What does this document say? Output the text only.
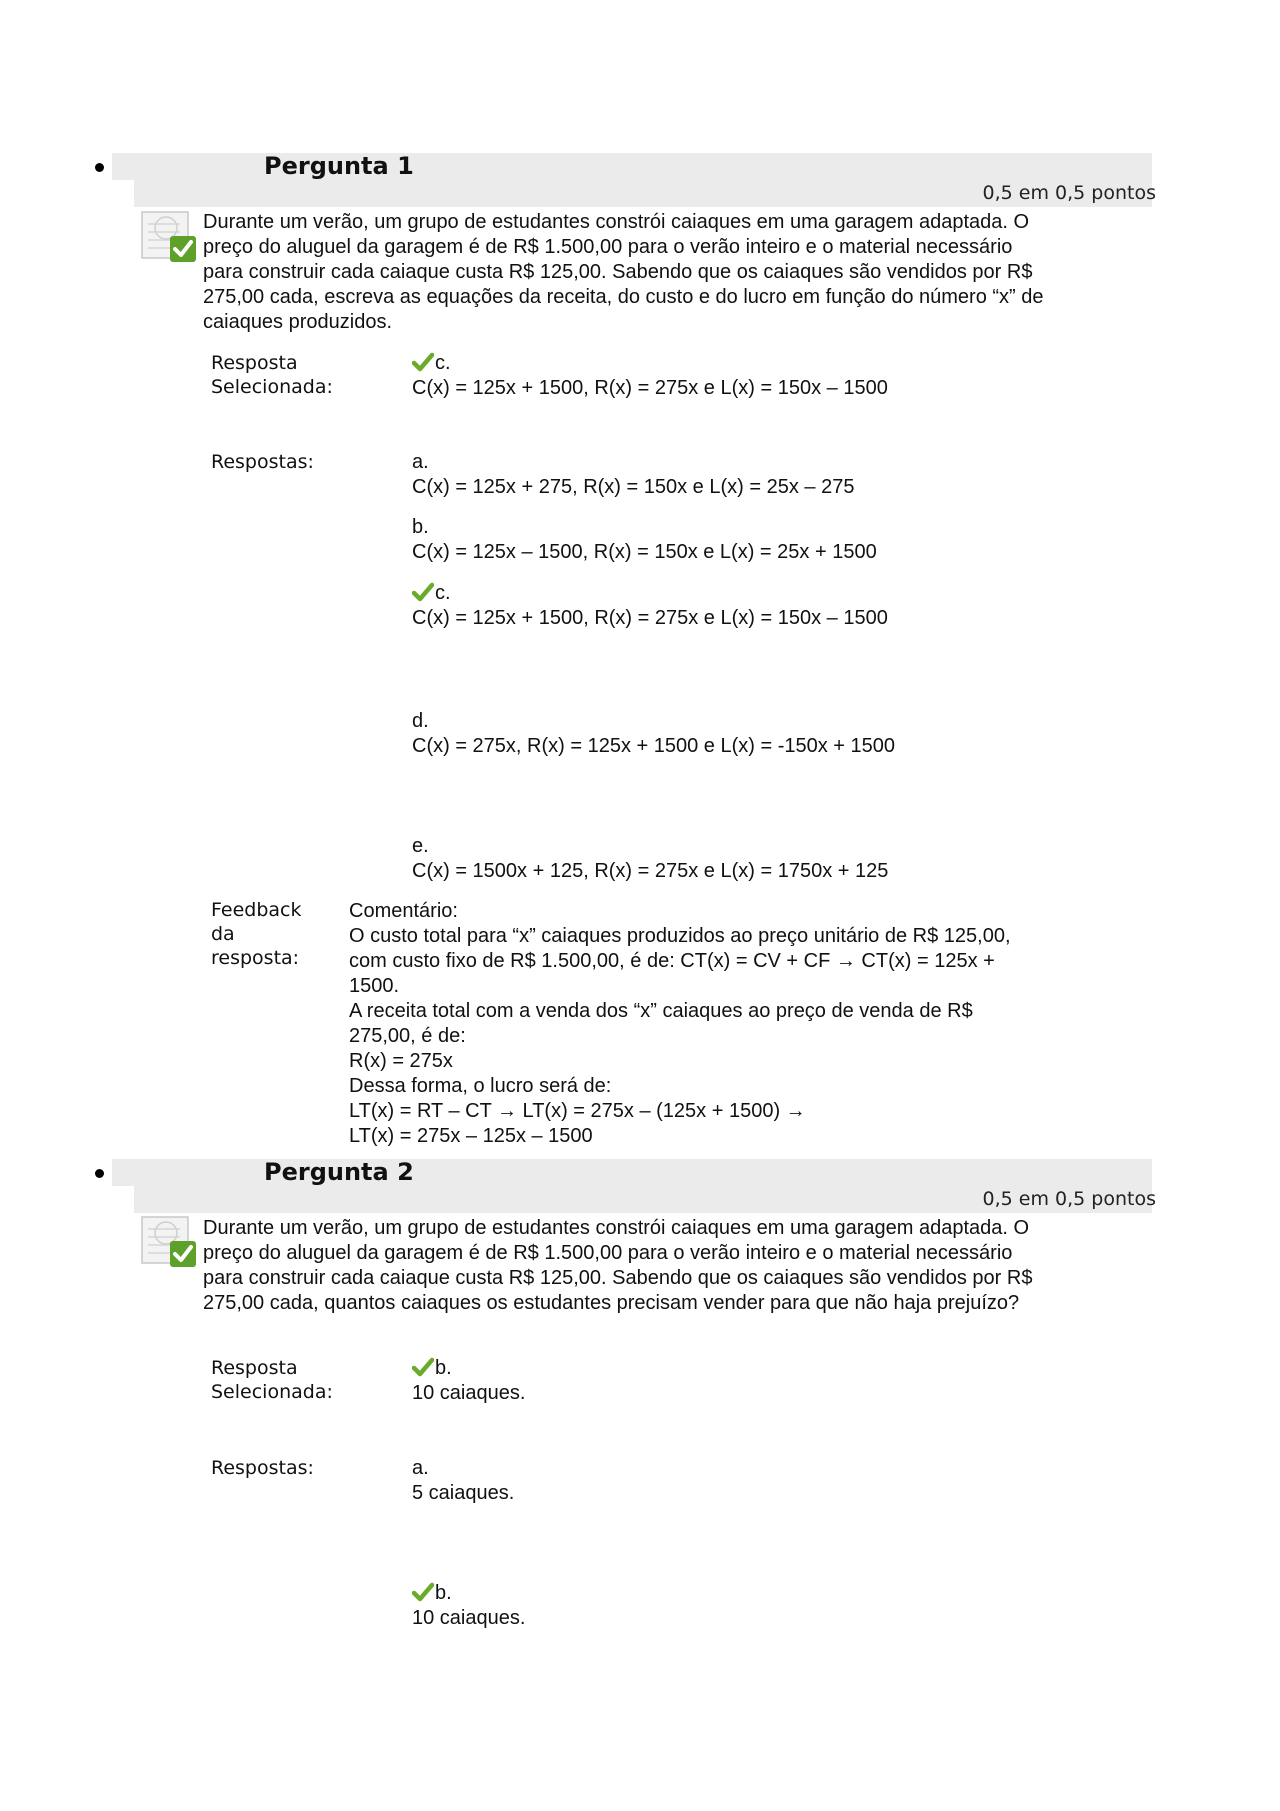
Pergunta 1
0,5 em 0,5 pontos
Durante um verão, um grupo de estudantes constrói caiaques em uma garagem adaptada. O preço do aluguel da garagem é de R$ 1.500,00 para o verão inteiro e o material necessário para construir cada caiaque custa R$ 125,00. Sabendo que os caiaques são vendidos por R$ 275,00 cada, escreva as equações da receita, do custo e do lucro em função do número “x” de caiaques produzidos.
Resposta Selecionada:
c.
C(x) = 125x + 1500, R(x) = 275x e L(x) = 150x – 1500
Respostas:	a.
C(x) = 125x + 275, R(x) = 150x e L(x) = 25x – 275
b.
C(x) = 125x – 1500, R(x) = 150x e L(x) = 25x + 1500
c.
C(x) = 125x + 1500, R(x) = 275x e L(x) = 150x – 1500
d.
C(x) = 275x, R(x) = 125x + 1500 e L(x) = -150x + 1500
e.
C(x) = 1500x + 125, R(x) = 275x e L(x) = 1750x + 125
Feedback da resposta:
Comentário:
O custo total para “x” caiaques produzidos ao preço unitário de R$ 125,00, com custo fixo de R$ 1.500,00, é de: CT(x) = CV + CF → CT(x) = 125x + 1500.
A receita total com a venda dos “x” caiaques ao preço de venda de R$ 275,00, é de:
R(x) = 275x
Dessa forma, o lucro será de:
LT(x) = RT – CT → LT(x) = 275x – (125x + 1500) → LT(x) = 275x – 125x – 1500
Pergunta 2
0,5 em 0,5 pontos
Durante um verão, um grupo de estudantes constrói caiaques em uma garagem adaptada. O preço do aluguel da garagem é de R$ 1.500,00 para o verão inteiro e o material necessário para construir cada caiaque custa R$ 125,00. Sabendo que os caiaques são vendidos por R$ 275,00 cada, quantos caiaques os estudantes precisam vender para que não haja prejuízo?
Resposta Selecionada:
b.
10 caiaques.
Respostas:	a.
5 caiaques.
b.
10 caiaques.
